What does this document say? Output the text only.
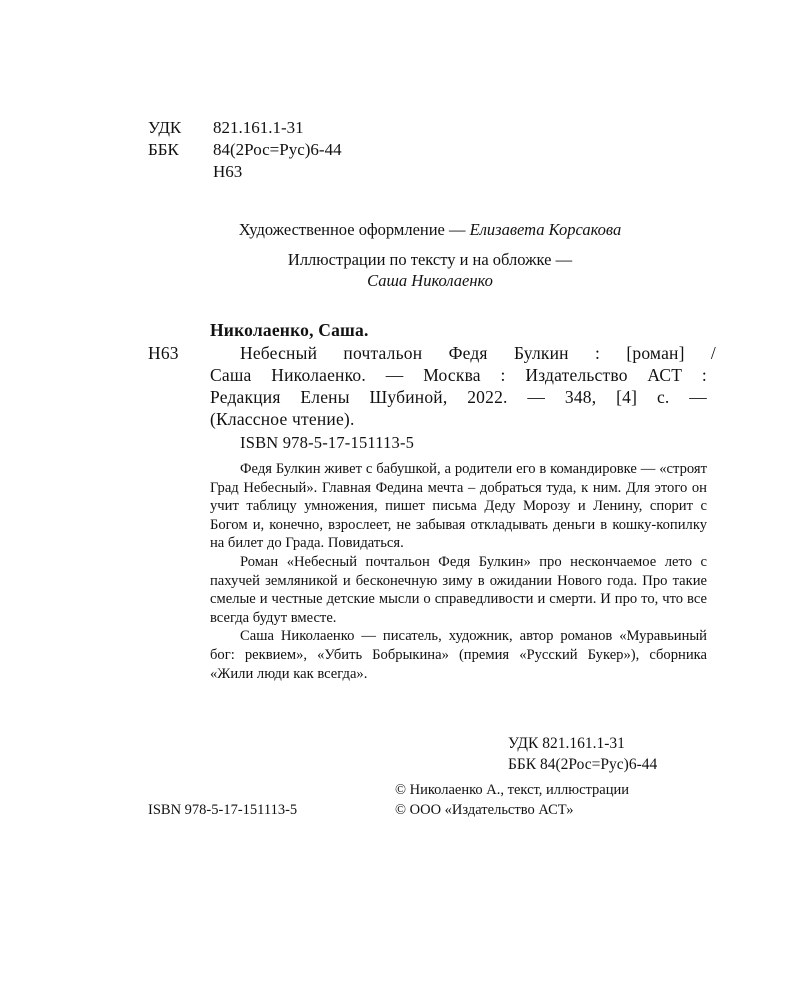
УДК 821.161.1-31
ББК 84(2Рос=Рус)6-44
Н63
Художественное оформление — Елизавета Корсакова
Иллюстрации по тексту и на обложке —
Саша Николаенко
Николаенко, Саша.
Н63	Небесный почтальон Федя Булкин : [роман] /
Саша Николаенко. — Москва : Издательство АСТ :
Редакция Елены Шубиной, 2022. — 348, [4] с. —
(Классное чтение).
ISBN 978-5-17-151113-5

Федя Булкин живет с бабушкой, а родители его в командировке — «строят Град Небесный». Главная Федина мечта – добраться туда, к ним. Для этого он учит таблицу умножения, пишет письма Деду Морозу и Ленину, спорит с Богом и, конечно, взрослеет, не забывая откладывать деньги в кошку-копилку на билет до Града. Повидаться.

Роман «Небесный почтальон Федя Булкин» про нескончаемое лето с пахучей земляникой и бесконечную зиму в ожидании Нового года. Про такие смелые и честные детские мысли о справедливости и смерти. И про то, что все всегда будут вместе.

Саша Николаенко — писатель, художник, автор романов «Муравьиный бог: реквием», «Убить Бобрыкина» (премия «Русский Букер»), сборника «Жили люди как всегда».

УДК 821.161.1-31
ББК 84(2Рос=Рус)6-44
© Николаенко А., текст, иллюстрации
© ООО «Издательство АСТ»
ISBN 978-5-17-151113-5
